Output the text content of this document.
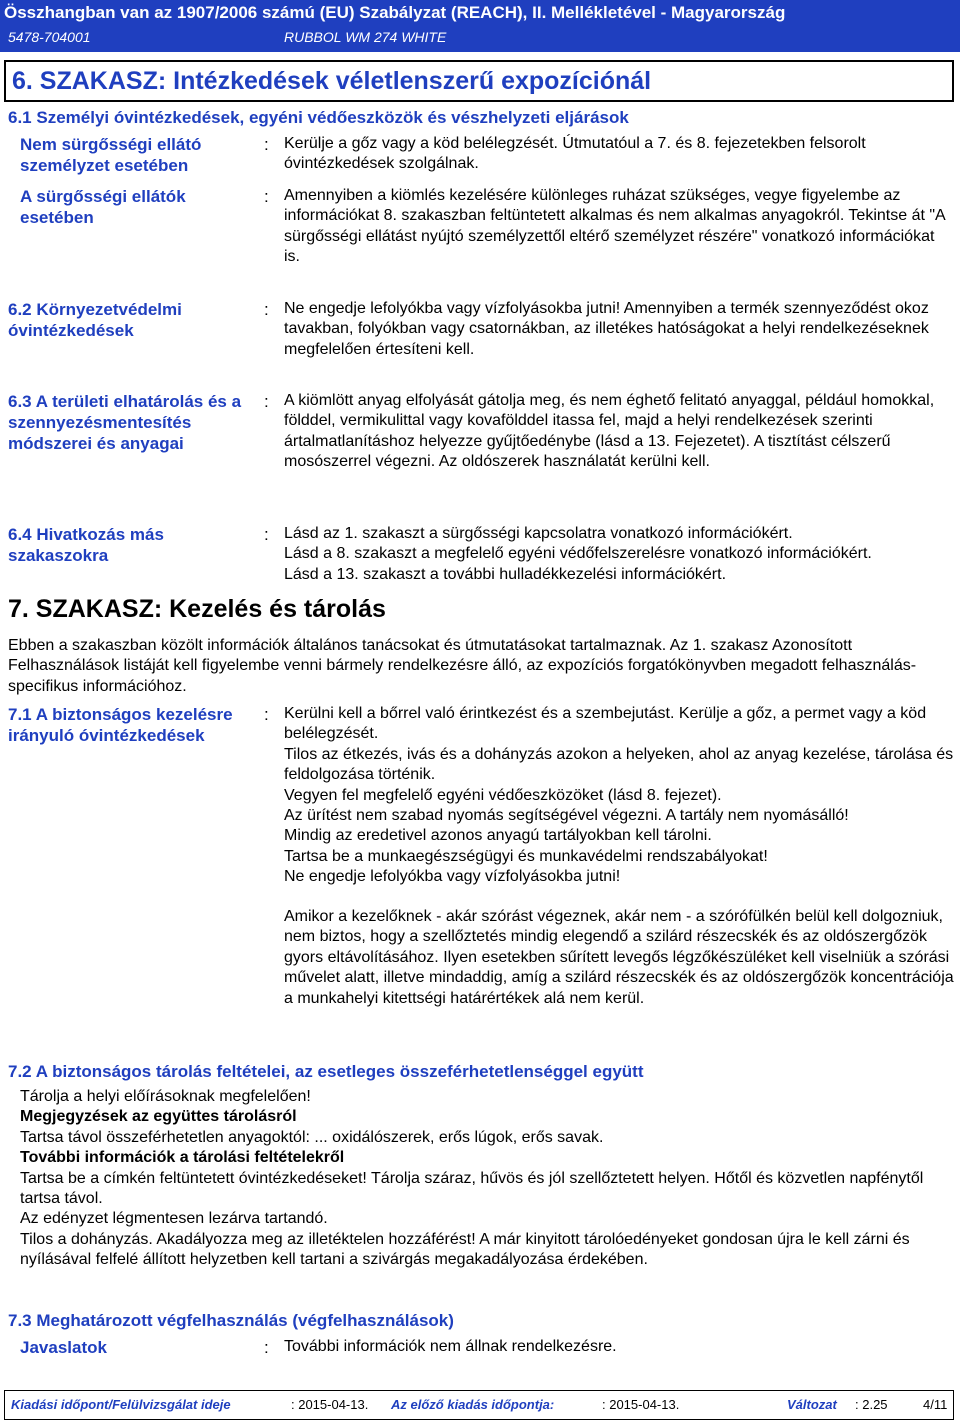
Összhangban van az 1907/2006 számú (EU) Szabályzat (REACH), II. Mellékletével - Magyarország
5478-704001	RUBBOL WM 274 WHITE
6. SZAKASZ: Intézkedések véletlenszerű expozíciónál
6.1 Személyi óvintézkedések, egyéni védőeszközök és vészhelyzeti eljárások
Nem sürgősségi ellátó személyzet esetében
: Kerülje a gőz vagy a köd belélegzését. Útmutatóul a 7. és 8. fejezetekben felsorolt óvintézkedések szolgálnak.
A sürgősségi ellátók esetében
: Amennyiben a kiömlés kezelésére különleges ruházat szükséges, vegye figyelembe az információkat 8. szakaszban feltüntetett alkalmas és nem alkalmas anyagokról. Tekintse át "A sürgősségi ellátást nyújtó személyzettől eltérő személyzet részére" vonatkozó információkat is.
6.2 Környezetvédelmi óvintézkedések
: Ne engedje lefolyókba vagy vízfolyásokba jutni! Amennyiben a termék szennyeződést okoz tavakban, folyókban vagy csatornákban, az illetékes hatóságokat a helyi rendelkezéseknek megfelelően értesíteni kell.
6.3 A területi elhatárolás és a szennyezésmentesítés módszerei és anyagai
: A kiömlött anyag elfolyását gátolja meg, és nem éghető felitató anyaggal, például homokkal, földdel, vermikulittal vagy kovafölddel itassa fel, majd a helyi rendelkezések szerinti ártalmatlanításhoz helyezze gyűjtőedénybe (lásd a 13. Fejezetet). A tisztítást célszerű mosószerrel végezni. Az oldószerek használatát kerülni kell.
6.4 Hivatkozás más szakaszokra
: Lásd az 1. szakaszt a sürgősségi kapcsolatra vonatkozó információkért.

Lásd a 8. szakaszt a megfelelő egyéni védőfelszerelésre vonatkozó információkért.

Lásd a 13. szakaszt a további hulladékkezelési információkért.

7. SZAKASZ: Kezelés és tárolás
Ebben a szakaszban közölt információk általános tanácsokat és útmutatásokat tartalmaznak. Az 1. szakasz Azonosított Felhasználások listáját kell figyelembe venni bármely rendelkezésre álló, az expozíciós forgatókönyvben megadott felhasználás-specifikus információhoz.
7.1 A biztonságos kezelésre irányuló óvintézkedések
: Kerülni kell a bőrrel való érintkezést és a szembejutást. Kerülje a gőz, a permet vagy a köd belélegzését.

Tilos az étkezés, ivás és a dohányzás azokon a helyeken, ahol az anyag kezelése, tárolása és feldolgozása történik.

Vegyen fel megfelelő egyéni védőeszközöket (lásd 8. fejezet).

Az ürítést nem szabad nyomás segítségével végezni. A tartály nem nyomásálló!

Mindig az eredetivel azonos anyagú tartályokban kell tárolni.

Tartsa be a munkaegészségügyi és munkavédelmi rendszabályokat!

Ne engedje lefolyókba vagy vízfolyásokba jutni!

Amikor a kezelőknek - akár szórást végeznek, akár nem - a szórófülkén belül kell dolgozniuk, nem biztos, hogy a szellőztetés mindig elegendő a szilárd részecskék és az oldószergőzök gyors eltávolításához. Ilyen esetekben sűrített levegős légzőkészüléket kell viselniük a szórási művelet alatt, illetve mindaddig, amíg a szilárd részecskék és az oldószergőzök koncentrációja a munkahelyi kitettségi határértékek alá nem kerül.
7.2 A biztonságos tárolás feltételei, az esetleges összeférhetetlenséggel együtt

Tárolja a helyi előírásoknak megfelelően!

Megjegyzések az együttes tárolásról

Tartsa távol összeférhetetlen anyagoktól: ... oxidálószerek, erős lúgok, erős savak.

További információk a tárolási feltételekről

Tartsa be a címkén feltüntetett óvintézkedéseket! Tárolja száraz, hűvös és jól szellőztetett helyen. Hőtől és közvetlen napfénytől tartsa távol.

Az edényzet légmentesen lezárva tartandó.

Tilos a dohányzás. Akadályozza meg az illetéktelen hozzáférést! A már kinyitott tárolóedényeket gondosan újra le kell zárni és nyílásával felfelé állított helyzetben kell tartani a szivárgás megakadályozása érdekében.

7.3 Meghatározott végfelhasználás (végfelhasználások)
Javaslatok	: További információk nem állnak rendelkezésre.
Kiadási időpont/Felülvizsgálat ideje	: 2015-04-13. Az előző kiadás időpontja:	: 2015-04-13.	Változat : 2.25	4/11
